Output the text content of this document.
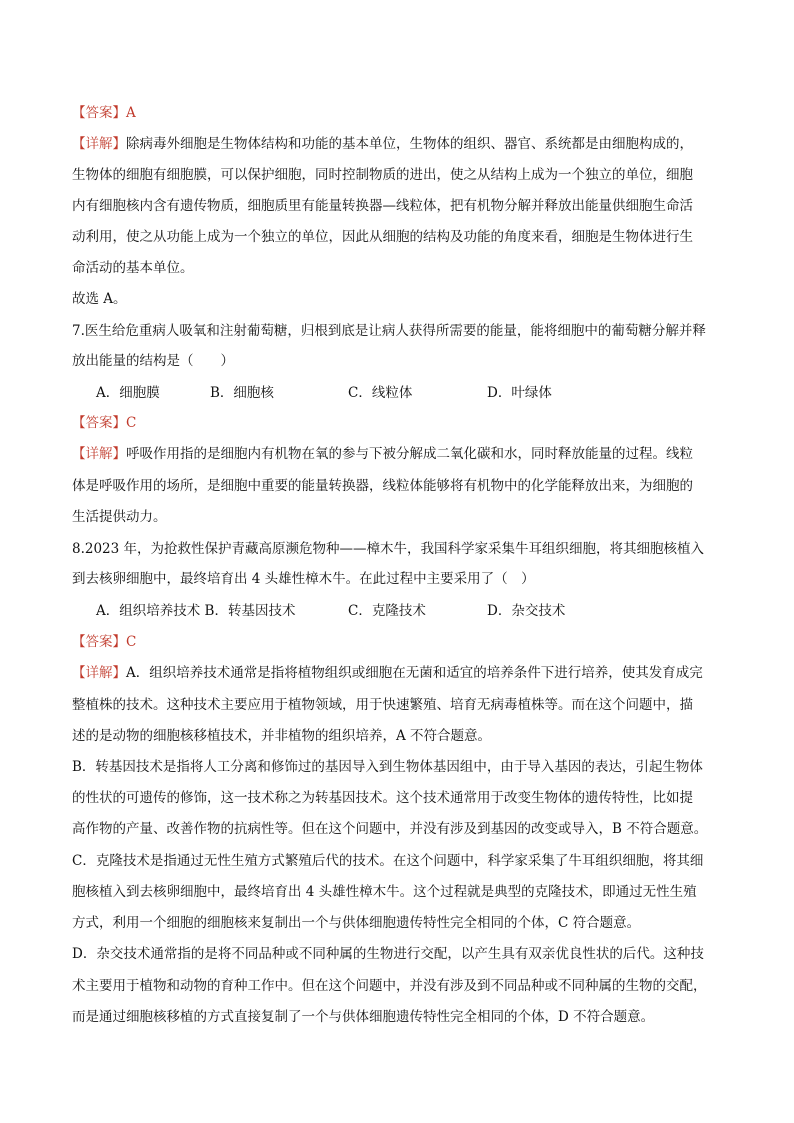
【答案】A
【详解】除病毒外细胞是生物体结构和功能的基本单位，生物体的组织、器官、系统都是由细胞构成的，
生物体的细胞有细胞膜，可以保护细胞，同时控制物质的进出，使之从结构上成为一个独立的单位，细胞
内有细胞核内含有遗传物质，细胞质里有能量转换器—线粒体，把有机物分解并释放出能量供细胞生命活
动利用，使之从功能上成为一个独立的单位，因此从细胞的结构及功能的角度来看，细胞是生物体进行生
命活动的基本单位。
故选 A。
7.医生给危重病人吸氧和注射葡萄糖，归根到底是让病人获得所需要的能量，能将细胞中的葡萄糖分解并释
放出能量的结构是（　　）
A．细胞膜	B．细胞核	C．线粒体	D．叶绿体
【答案】C
【详解】呼吸作用指的是细胞内有机物在氧的参与下被分解成二氧化碳和水，同时释放能量的过程。线粒
体是呼吸作用的场所，是细胞中重要的能量转换器，线粒体能够将有机物中的化学能释放出来，为细胞的
生活提供动力。
8.2023 年，为抢救性保护青藏高原濒危物种——樟木牛，我国科学家采集牛耳组织细胞，将其细胞核植入
到去核卵细胞中，最终培育出 4 头雄性樟木牛。在此过程中主要采用了（　）
A．组织培养技术 B．转基因技术	C．克隆技术	D．杂交技术
【答案】C
【详解】A．组织培养技术通常是指将植物组织或细胞在无菌和适宜的培养条件下进行培养，使其发育成完
整植株的技术。这种技术主要应用于植物领域，用于快速繁殖、培育无病毒植株等。而在这个问题中，描
述的是动物的细胞核移植技术，并非植物的组织培养，A 不符合题意。
B．转基因技术是指将人工分离和修饰过的基因导入到生物体基因组中，由于导入基因的表达，引起生物体
的性状的可遗传的修饰，这一技术称之为转基因技术。这个技术通常用于改变生物体的遗传特性，比如提
高作物的产量、改善作物的抗病性等。但在这个问题中，并没有涉及到基因的改变或导入，B 不符合题意。
C．克隆技术是指通过无性生殖方式繁殖后代的技术。在这个问题中，科学家采集了牛耳组织细胞，将其细
胞核植入到去核卵细胞中，最终培育出 4 头雄性樟木牛。这个过程就是典型的克隆技术，即通过无性生殖
方式，利用一个细胞的细胞核来复制出一个与供体细胞遗传特性完全相同的个体，C 符合题意。
D．杂交技术通常指的是将不同品种或不同种属的生物进行交配，以产生具有双亲优良性状的后代。这种技
术主要用于植物和动物的育种工作中。但在这个问题中，并没有涉及到不同品种或不同种属的生物的交配，
而是通过细胞核移植的方式直接复制了一个与供体细胞遗传特性完全相同的个体，D 不符合题意。
